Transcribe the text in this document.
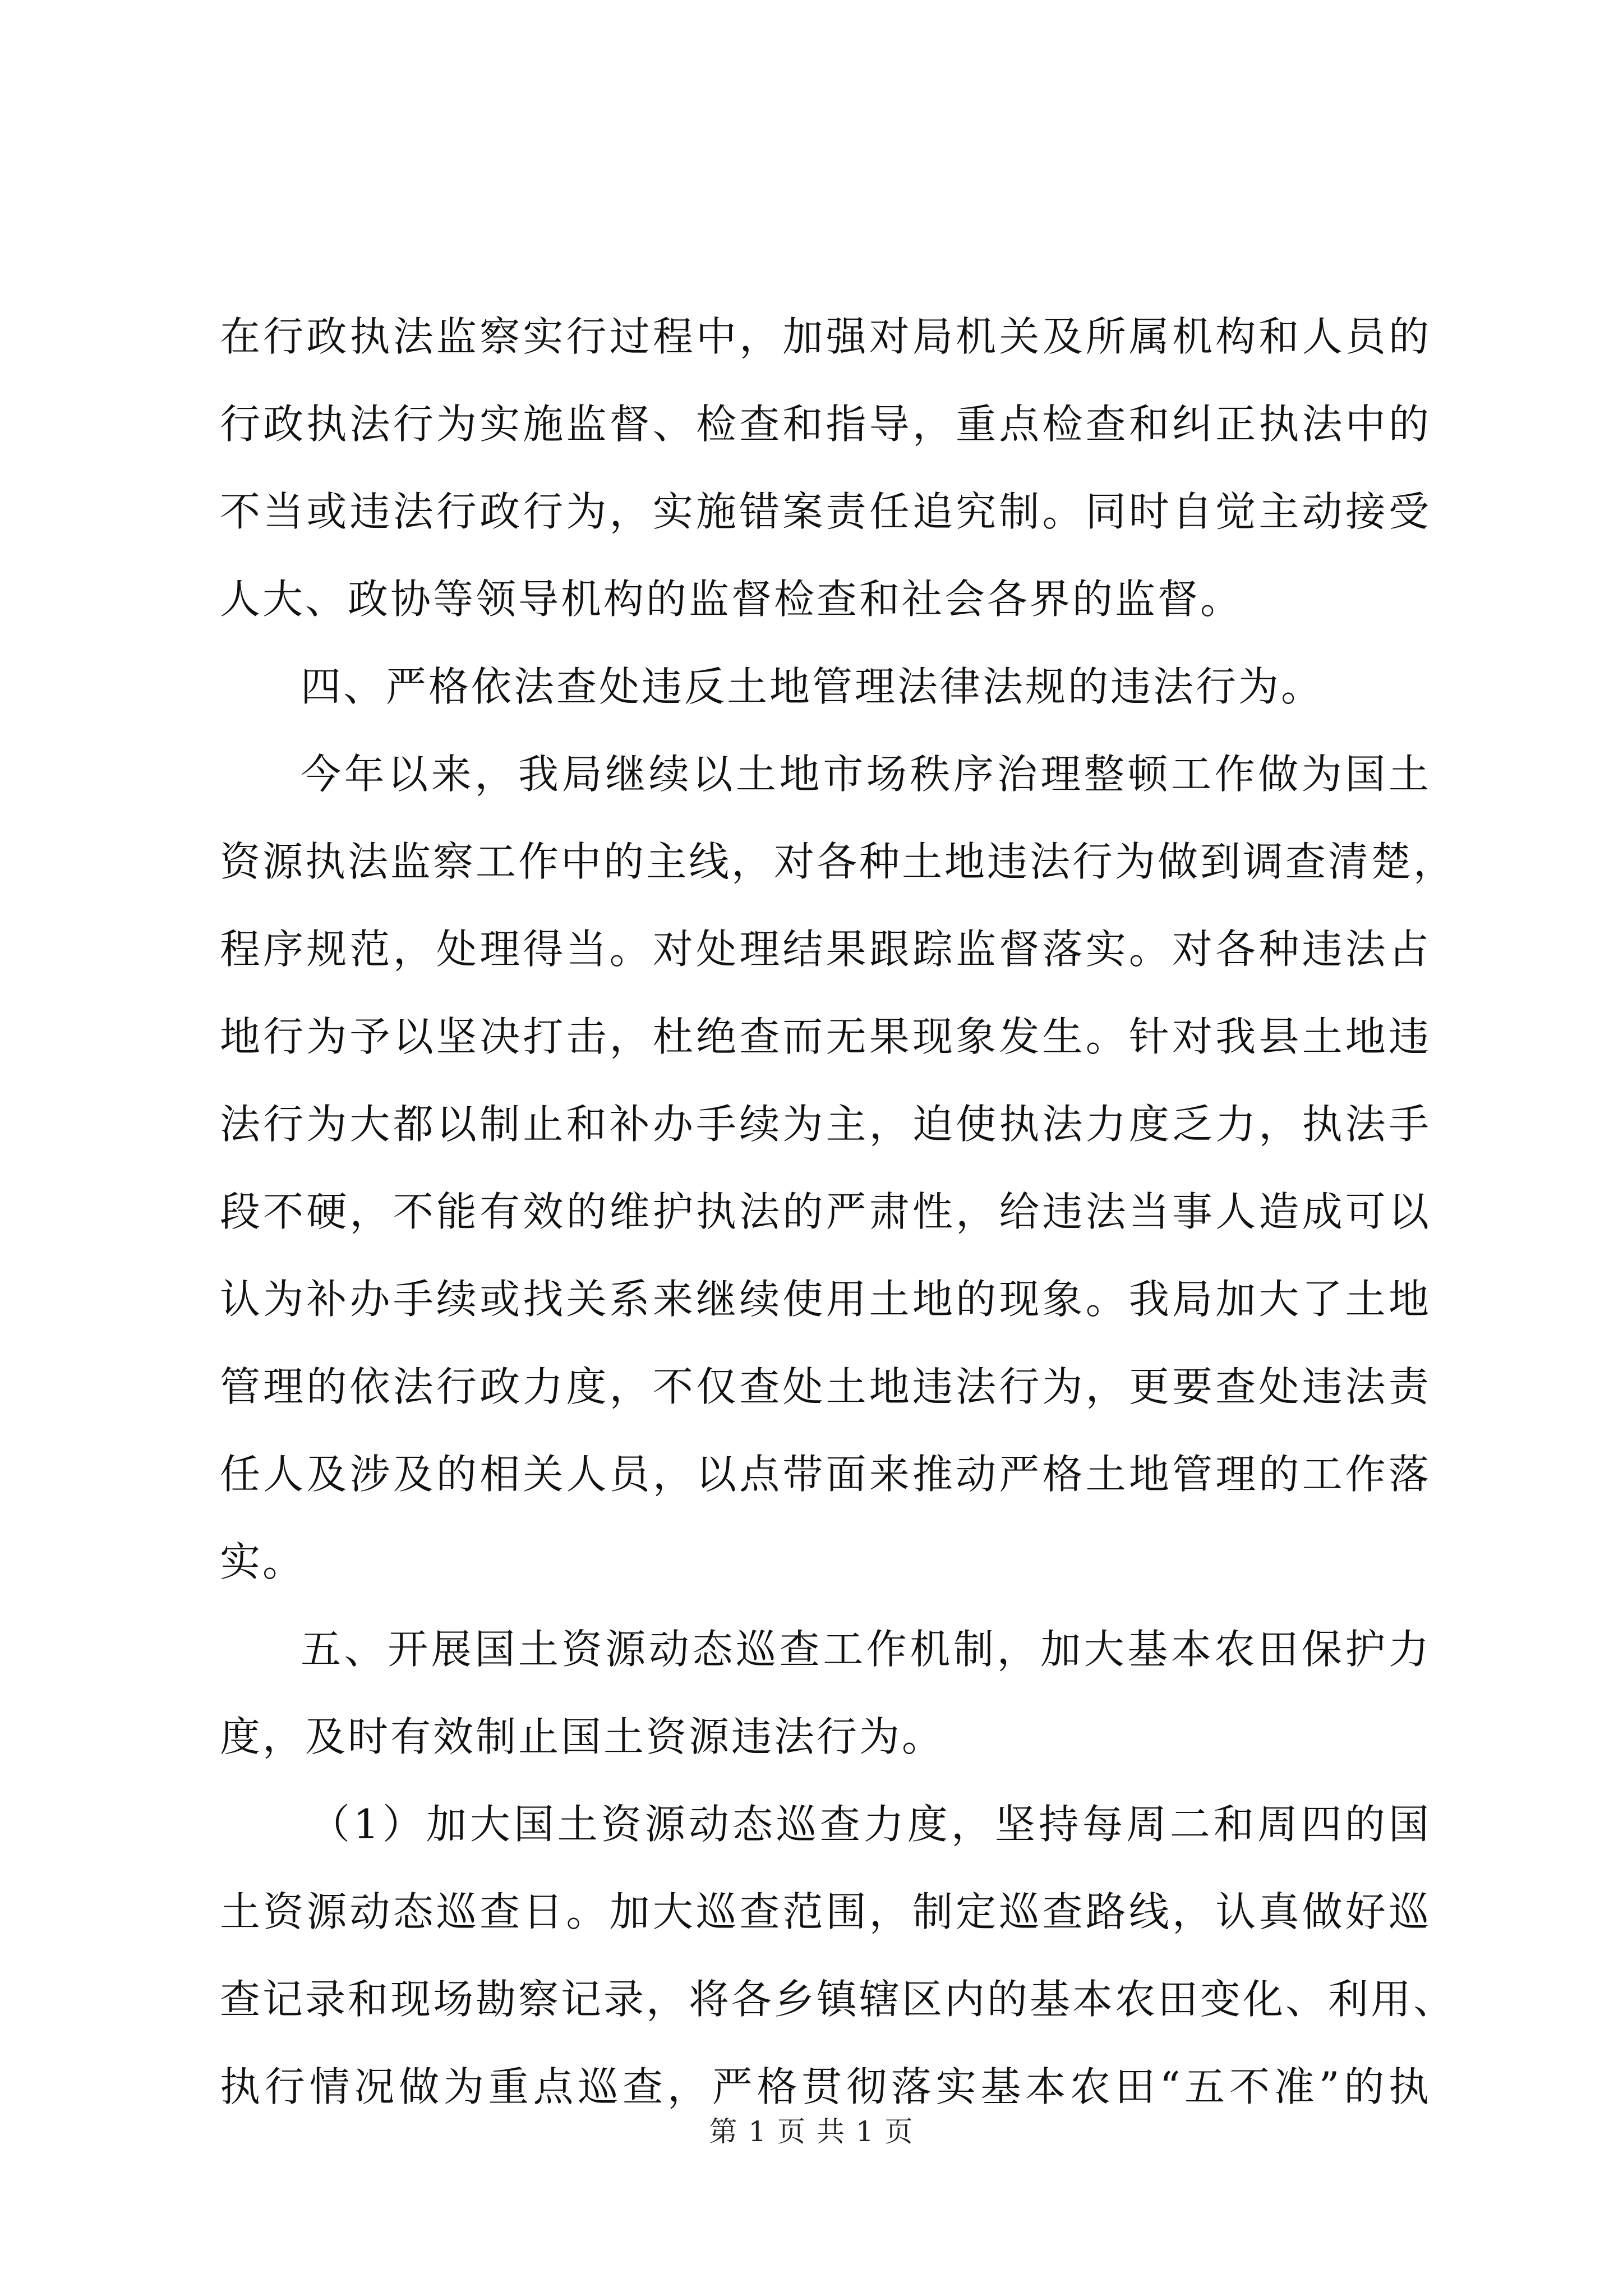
在行政执法监察实行过程中，加强对局机关及所属机构和人员的
行政执法行为实施监督、检查和指导，重点检查和纠正执法中的
不当或违法行政行为，实施错案责任追究制。同时自觉主动接受
人大、政协等领导机构的监督检查和社会各界的监督。
四、严格依法查处违反土地管理法律法规的违法行为。
今年以来，我局继续以土地市场秩序治理整顿工作做为国土
资源执法监察工作中的主线，对各种土地违法行为做到调查清楚，
程序规范，处理得当。对处理结果跟踪监督落实。对各种违法占
地行为予以坚决打击，杜绝查而无果现象发生。针对我县土地违
法行为大都以制止和补办手续为主，迫使执法力度乏力，执法手
段不硬，不能有效的维护执法的严肃性，给违法当事人造成可以
认为补办手续或找关系来继续使用土地的现象。我局加大了土地
管理的依法行政力度，不仅查处土地违法行为，更要查处违法责
任人及涉及的相关人员，以点带面来推动严格土地管理的工作落
实。
五、开展国土资源动态巡查工作机制，加大基本农田保护力
度，及时有效制止国土资源违法行为。
（1）加大国土资源动态巡查力度，坚持每周二和周四的国
土资源动态巡查日。加大巡查范围，制定巡查路线，认真做好巡
查记录和现场勘察记录，将各乡镇辖区内的基本农田变化、利用、
执行情况做为重点巡查，严格贯彻落实基本农田“五不准”的执
第 1 页 共 1 页
